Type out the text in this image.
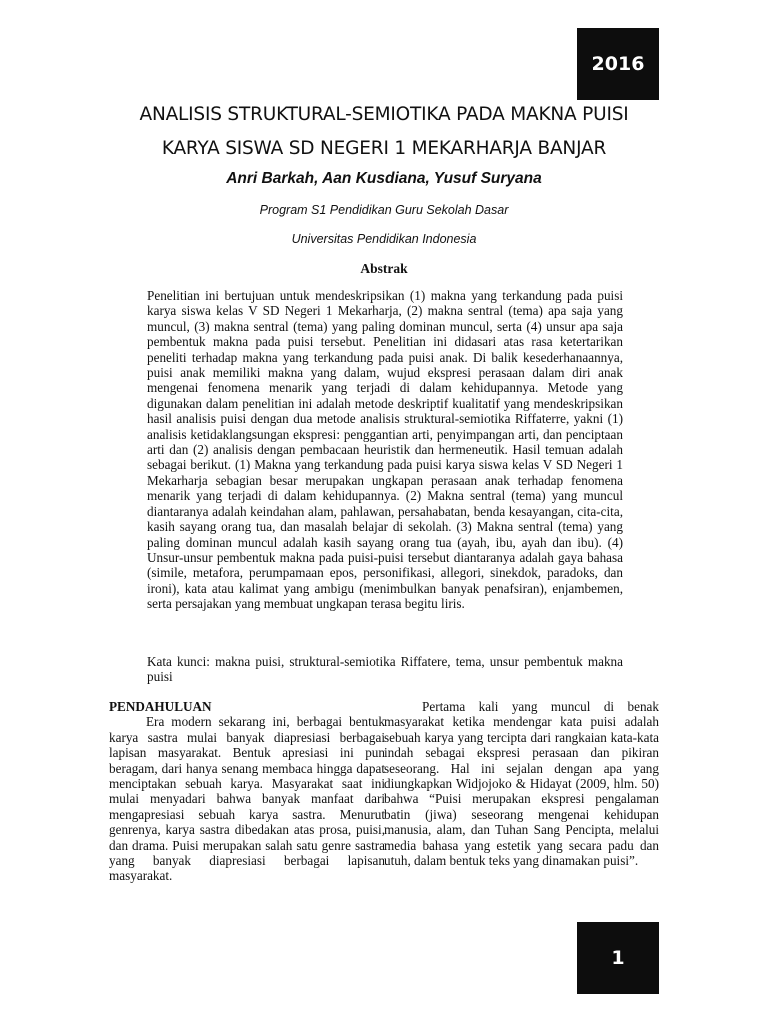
2016
ANALISIS STRUKTURAL-SEMIOTIKA PADA MAKNA PUISI
KARYA SISWA SD NEGERI 1 MEKARHARJA BANJAR
Anri Barkah, Aan Kusdiana, Yusuf Suryana
Program S1 Pendidikan Guru Sekolah Dasar
Universitas Pendidikan Indonesia
Abstrak

Penelitian ini bertujuan untuk mendeskripsikan (1) makna yang terkandung pada puisi karya siswa kelas V SD Negeri 1 Mekarharja, (2) makna sentral (tema) apa saja yang muncul, (3) makna sentral (tema) yang paling dominan muncul, serta (4) unsur apa saja pembentuk makna pada puisi tersebut. Penelitian ini didasari atas rasa ketertarikan peneliti terhadap makna yang terkandung pada puisi anak. Di balik kesederhanaannya, puisi anak memiliki makna yang dalam, wujud ekspresi perasaan dalam diri anak mengenai fenomena menarik yang terjadi di dalam kehidupannya. Metode yang digunakan dalam penelitian ini adalah metode deskriptif kualitatif yang mendeskripsikan hasil analisis puisi dengan dua metode analisis struktural-semiotika Riffaterre, yakni (1) analisis ketidaklangsungan ekspresi: penggantian arti, penyimpangan arti, dan penciptaan arti dan (2) analisis dengan pembacaan heuristik dan hermeneutik. Hasil temuan adalah sebagai berikut. (1) Makna yang terkandung pada puisi karya siswa kelas V SD Negeri 1 Mekarharja sebagian besar merupakan ungkapan perasaan anak terhadap fenomena menarik yang terjadi di dalam kehidupannya. (2) Makna sentral (tema) yang muncul diantaranya adalah keindahan alam, pahlawan, persahabatan, benda kesayangan, cita-cita, kasih sayang orang tua, dan masalah belajar di sekolah. (3) Makna sentral (tema) yang paling dominan muncul adalah kasih sayang orang tua (ayah, ibu, ayah dan ibu). (4) Unsur-unsur pembentuk makna pada puisi-puisi tersebut diantaranya adalah gaya bahasa (simile, metafora, perumpamaan epos, personifikasi, allegori, sinekdok, paradoks, dan ironi), kata atau kalimat yang ambigu (menimbulkan banyak penafsiran), enjambemen, serta persajakan yang membuat ungkapan terasa begitu liris.

Kata kunci: makna puisi, struktural-semiotika Riffatere, tema, unsur pembentuk makna puisi

PENDAHULUAN

Era modern sekarang ini, berbagai bentuk karya sastra mulai banyak diapresiasi berbagai lapisan masyarakat. Bentuk apresiasi ini pun beragam, dari hanya senang membaca hingga dapat menciptakan sebuah karya. Masyarakat saat ini mulai menyadari bahwa banyak manfaat dari mengapresiasi sebuah karya sastra. Menurut genrenya, karya sastra dibedakan atas prosa, puisi, dan drama. Puisi merupakan salah satu genre sastra yang banyak diapresiasi berbagai lapisan masyarakat.

Pertama kali yang muncul di benak masyarakat ketika mendengar kata puisi adalah sebuah karya yang tercipta dari rangkaian kata-kata indah sebagai ekspresi perasaan dan pikiran seseorang. Hal ini sejalan dengan apa yang diungkapkan Widjojoko & Hidayat (2009, hlm. 50) bahwa “Puisi merupakan ekspresi pengalaman batin (jiwa) seseorang mengenai kehidupan manusia, alam, dan Tuhan Sang Pencipta, melalui media bahasa yang estetik yang secara padu dan utuh, dalam bentuk teks yang dinamakan puisi”.

1
